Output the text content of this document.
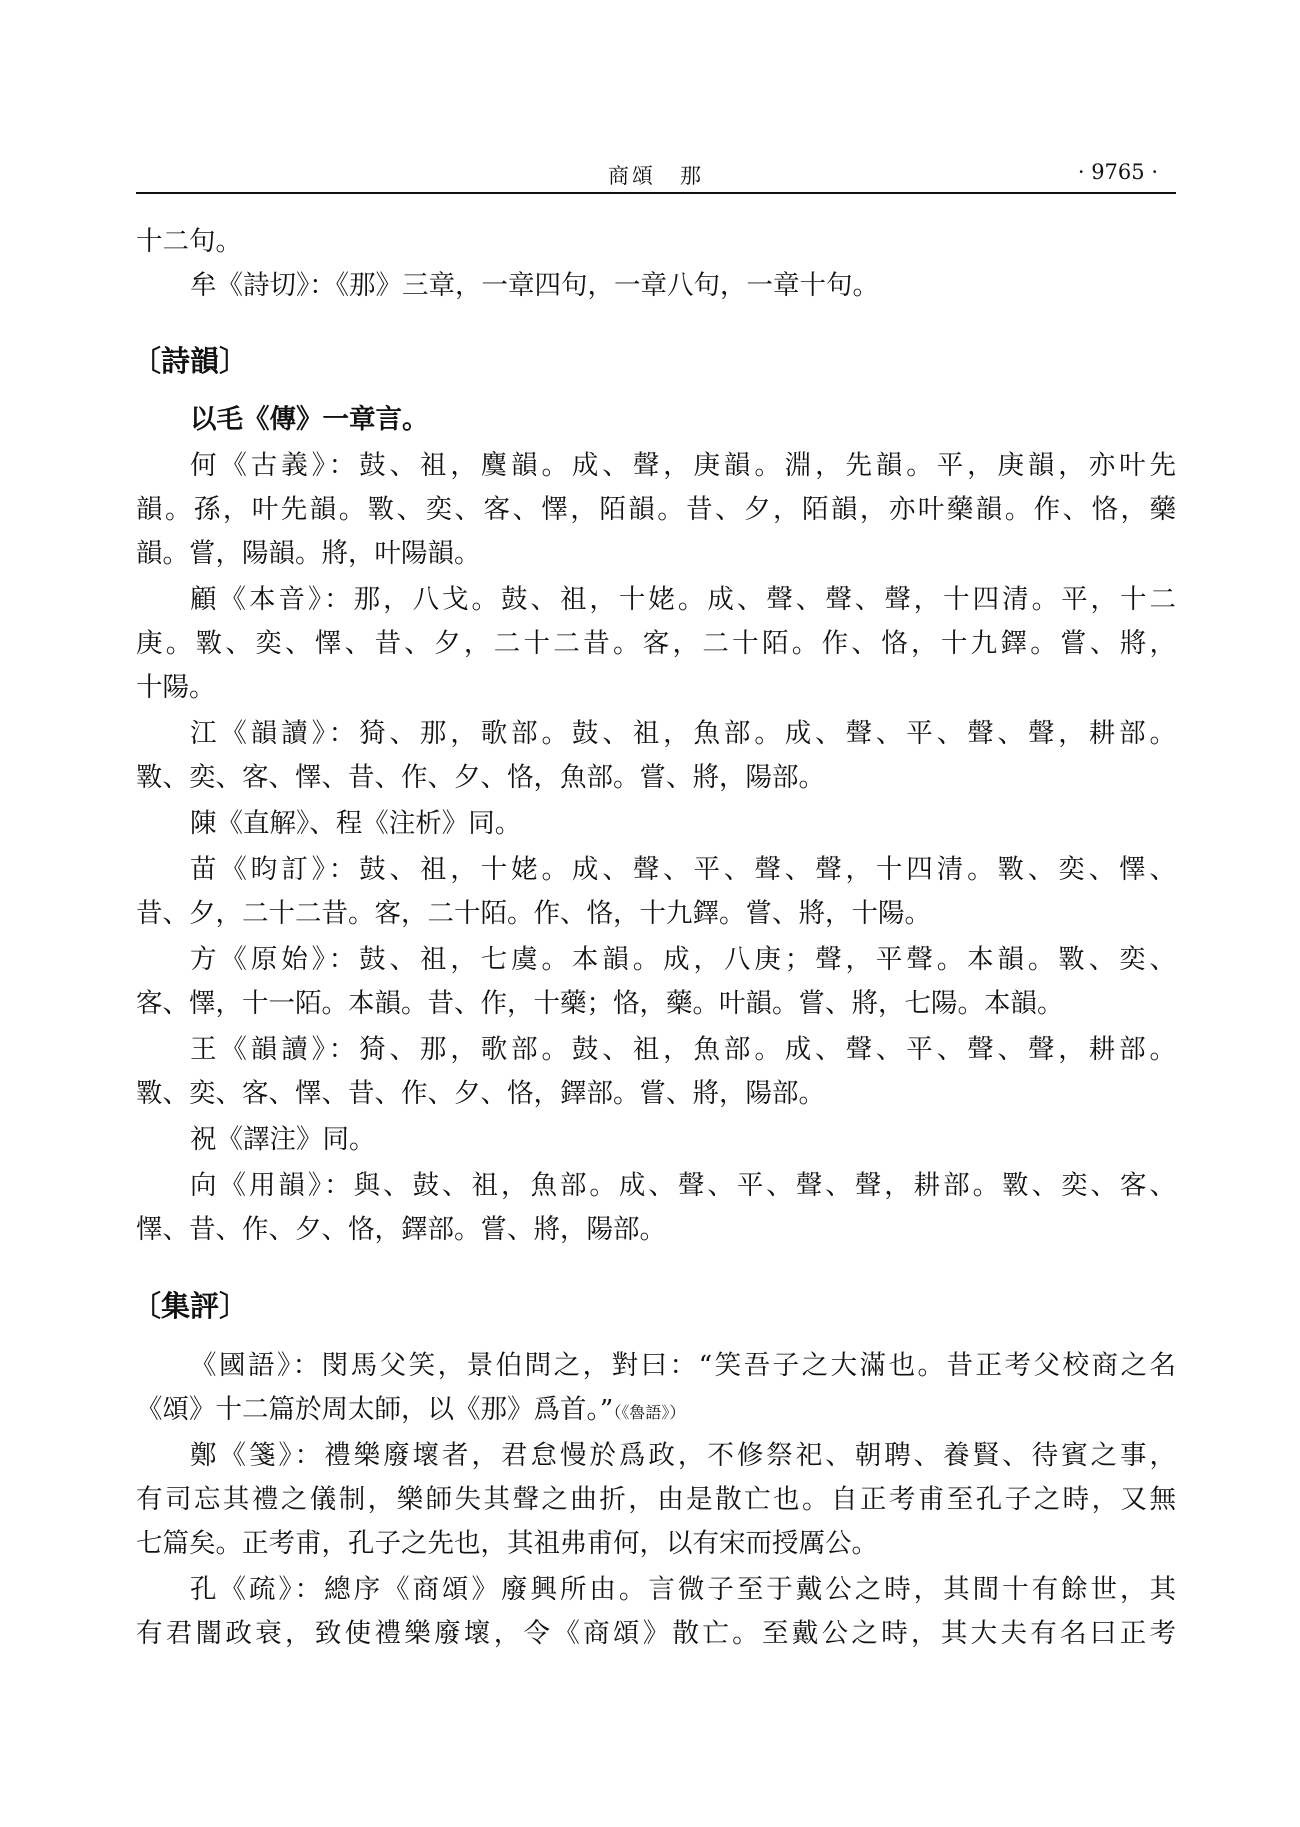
商頌　那	· 9765 ·
十二句。
牟《詩切》：《那》三章，一章四句，一章八句，一章十句。
〔詩韻〕
以毛《傳》一章言。
何《古義》：鼓、祖，麌韻。成、聲，庚韻。淵，先韻。平，庚韻，亦叶先
韻。孫，叶先韻。斁、奕、客、懌，陌韻。昔、夕，陌韻，亦叶藥韻。作、恪，藥
韻。嘗，陽韻。將，叶陽韻。
顧《本音》：那，八戈。鼓、祖，十姥。成、聲、聲、聲，十四清。平，十二
庚。斁、奕、懌、昔、夕，二十二昔。客，二十陌。作、恪，十九鐸。嘗、將，
十陽。
江《韻讀》：猗、那，歌部。鼓、祖，魚部。成、聲、平、聲、聲，耕部。
斁、奕、客、懌、昔、作、夕、恪，魚部。嘗、將，陽部。
陳《直解》、程《注析》同。
苗《昀訂》：鼓、祖，十姥。成、聲、平、聲、聲，十四清。斁、奕、懌、
昔、夕，二十二昔。客，二十陌。作、恪，十九鐸。嘗、將，十陽。
方《原始》：鼓、祖，七虞。本韻。成，八庚；聲，平聲。本韻。斁、奕、
客、懌，十一陌。本韻。昔、作，十藥；恪，藥。叶韻。嘗、將，七陽。本韻。
王《韻讀》：猗、那，歌部。鼓、祖，魚部。成、聲、平、聲、聲，耕部。
斁、奕、客、懌、昔、作、夕、恪，鐸部。嘗、將，陽部。
祝《譯注》同。
向《用韻》：與、鼓、祖，魚部。成、聲、平、聲、聲，耕部。斁、奕、客、
懌、昔、作、夕、恪，鐸部。嘗、將，陽部。
〔集評〕
《國語》：閔馬父笑，景伯問之，對曰：“笑吾子之大滿也。昔正考父校商之名
《頌》十二篇於周太師，以《那》爲首。”（《魯語》）
鄭《箋》：禮樂廢壞者，君怠慢於爲政，不修祭祀、朝聘、養賢、待賓之事，
有司忘其禮之儀制，樂師失其聲之曲折，由是散亡也。自正考甫至孔子之時，又無
七篇矣。正考甫，孔子之先也，其祖弗甫何，以有宋而授厲公。
孔《疏》：總序《商頌》廢興所由。言微子至于戴公之時，其間十有餘世，其
有君闇政衰，致使禮樂廢壞，令《商頌》散亡。至戴公之時，其大夫有名曰正考
